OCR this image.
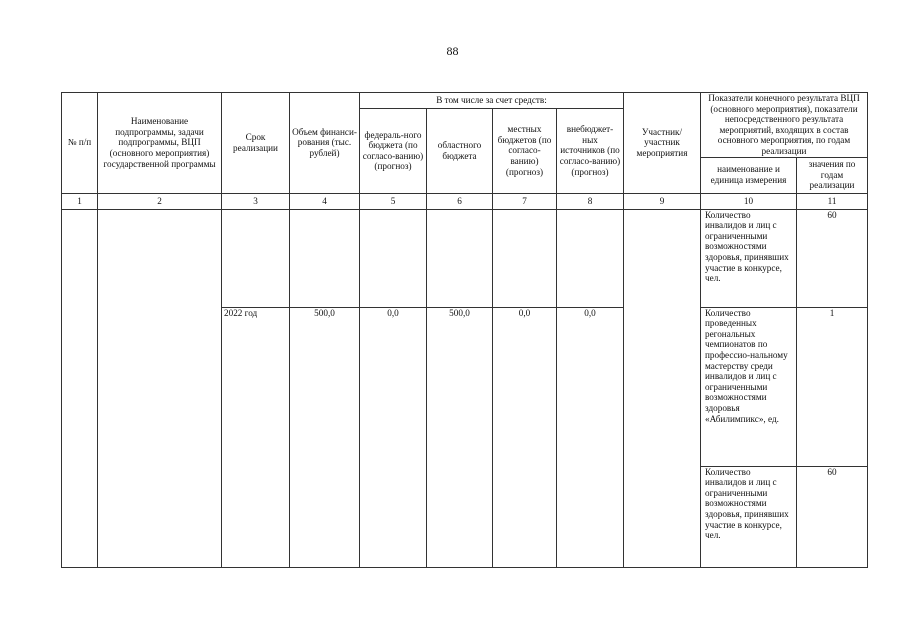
88
№ п/п	Наименование подпрограммы, задачи подпрограммы, ВЦП (основного мероприятия) государственной программы	Срок реализации	Объем финанси-рования (тыс. рублей)	В том числе за счет средств:				Участник/ участник мероприятия	Показатели конечного результата ВЦП (основного мероприятия), показатели непосредственного результата мероприятий, входящих в состав основного мероприятия, по годам реализации	
				федераль-ного бюджета (по согласо-ванию) (прогноз)	областного бюджета	местных бюджетов (по согласо-ванию) (прогноз)	внебюджет-ных источников (по согласо-ванию) (прогноз)			
									наименование и единица измерения	значения по годам реализации
1	2	3	4	5	6	7	8	9	10	11
									Количество инвалидов и лиц с ограниченными возможностями здоровья, принявших участие в конкурсе, чел.	60
		2022 год	500,0	0,0	500,0	0,0	0,0		Количество проведенных регональных чемпионатов по профессио-нальному мастерству среди инвалидов и лиц с ограниченными возможностями здоровья «Абилимпикс», ед.	1
									Количество инвалидов и лиц с ограниченными возможностями здоровья, принявших участие в конкурсе, чел.	60
